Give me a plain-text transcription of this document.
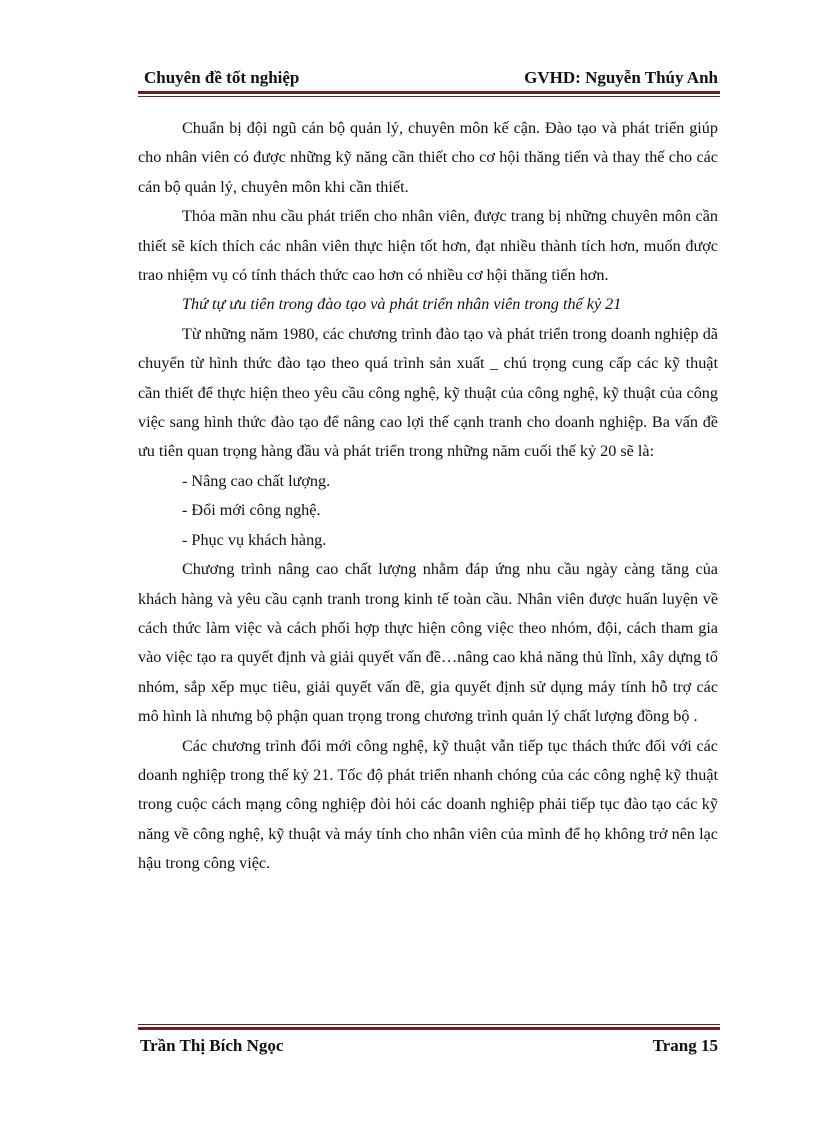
Chuyên đề tốt nghiệp	GVHD: Nguyễn Thúy Anh

Chuẩn bị đội ngũ cán bộ quản lý, chuyên môn kế cận. Đào tạo và phát triển giúp cho nhân viên có được những kỹ năng cần thiết cho cơ hội thăng tiến và thay thế cho các cán bộ quản lý, chuyên môn khi cần thiết.

Thỏa mãn nhu cầu phát triển cho nhân viên, được trang bị những chuyên môn cần thiết sẽ kích thích các nhân viên thực hiện tốt hơn, đạt nhiều thành tích hơn, muốn được trao nhiệm vụ có tính thách thức cao hơn có nhiều cơ hội thăng tiến hơn.

Thứ tự ưu tiên trong đào tạo và phát triển nhân viên trong thế kỷ 21

Từ những năm 1980, các chương trình đào tạo và phát triển trong doanh nghiệp dã chuyển từ hình thức đào tạo theo quá trình sản xuất _ chú trọng cung cấp các kỹ thuật cần thiết để thực hiện theo yêu cầu công nghệ, kỹ thuật của công nghệ, kỹ thuật của công việc sang hình thức đào tạo để nâng cao lợi thế cạnh tranh cho doanh nghiệp. Ba vấn đề ưu tiên quan trọng hàng đầu và phát triển trong những năm cuối thế kỷ 20 sẽ là:

- Nâng cao chất lượng.

- Đổi mới công nghệ.

- Phục vụ khách hàng.

Chương trình nâng cao chất lượng nhằm đáp ứng nhu cầu ngày càng tăng của khách hàng và yêu cầu cạnh tranh trong kinh tế toàn cầu. Nhân viên được huấn luyện về cách thức làm việc và cách phối hợp thực hiện công việc theo nhóm, đội, cách tham gia vào việc tạo ra quyết định và giải quyết vấn đề…nâng cao khả năng thủ lĩnh, xây dựng tổ nhóm, sắp xếp mục tiêu, giải quyết vấn đề, gia quyết định sử dụng máy tính hỗ trợ các mô hình là nhưng bộ phận quan trọng trong chương trình quản lý chất lượng đồng bộ .

Các chương trình đổi mới công nghệ, kỹ thuật vẫn tiếp tục thách thức đối với các doanh nghiệp trong thế kỷ 21. Tốc độ phát triển nhanh chóng của các công nghệ kỹ thuật trong cuộc cách mạng công nghiệp đòi hỏi các doanh nghiệp phải tiếp tục đào tạo các kỹ năng về công nghệ, kỹ thuật và máy tính cho nhân viên của mình để họ không trở nên lạc hậu trong công việc.

Trần Thị Bích Ngọc	Trang 15
